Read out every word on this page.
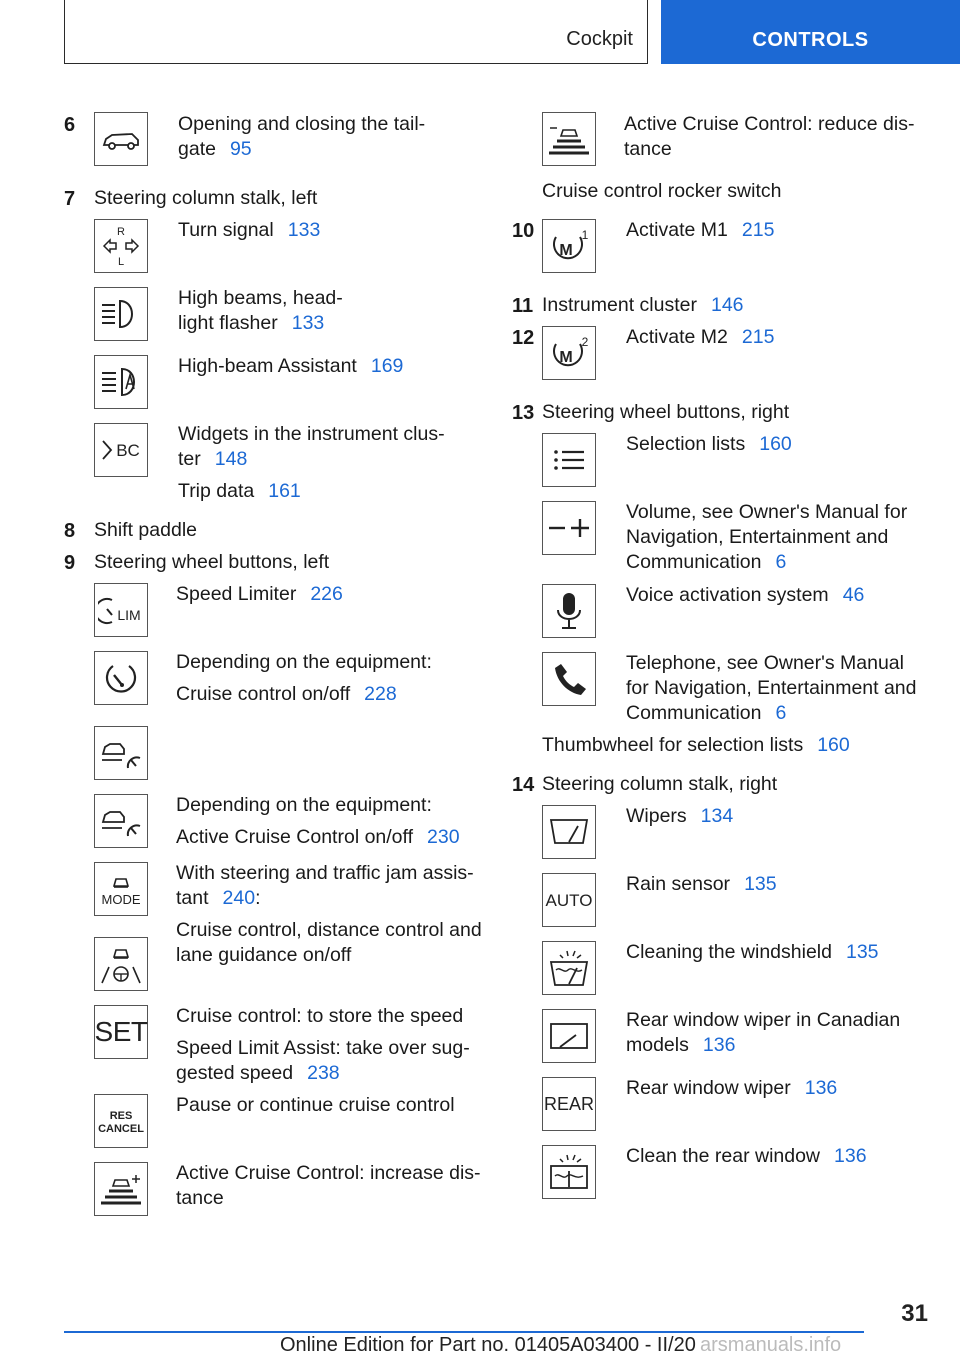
Cockpit	CONTROLS
6	Opening and closing the tail-
gate 95
7 Steering column stalk, left
R
L
Turn signal 133
High beams, head-
light flasher 133
High-beam Assistant 169
BC
Widgets in the instrument clus-
ter 148
Trip data 161
8 Shift paddle
9 Steering wheel buttons, left
LIM
Speed Limiter 226
Depending on the equipment:
Cruise control on/off 228
Depending on the equipment:
Active Cruise Control on/off 230
MODE
With steering and traffic jam assis-
tant 240:
Cruise control, distance control and
lane guidance on/off
SET Cruise control: to store the speed
Speed Limit Assist: take over sug-
gested speed 238
RES
CANCEL
Pause or continue cruise control
Active Cruise Control: increase dis-
tance
Active Cruise Control: reduce dis-
tance
Cruise control rocker switch
10
M
1 Activate M1 215
11 Instrument cluster 146
12
M
2 Activate M2 215
13 Steering wheel buttons, right
Selection lists 160
Volume, see Owner's Manual for
Navigation, Entertainment and
Communication 6
Voice activation system 46
Telephone, see Owner's Manual
for Navigation, Entertainment and
Communication 6
Thumbwheel for selection lists 160
14 Steering column stalk, right
Wipers 134
AUTO
Rain sensor 135
Cleaning the windshield 135
Rear window wiper in Canadian
models 136
REAR
Rear window wiper 136
Clean the rear window 136
31
Online Edition for Part no. 01405A03400 - II/20 arsmanuals.info
